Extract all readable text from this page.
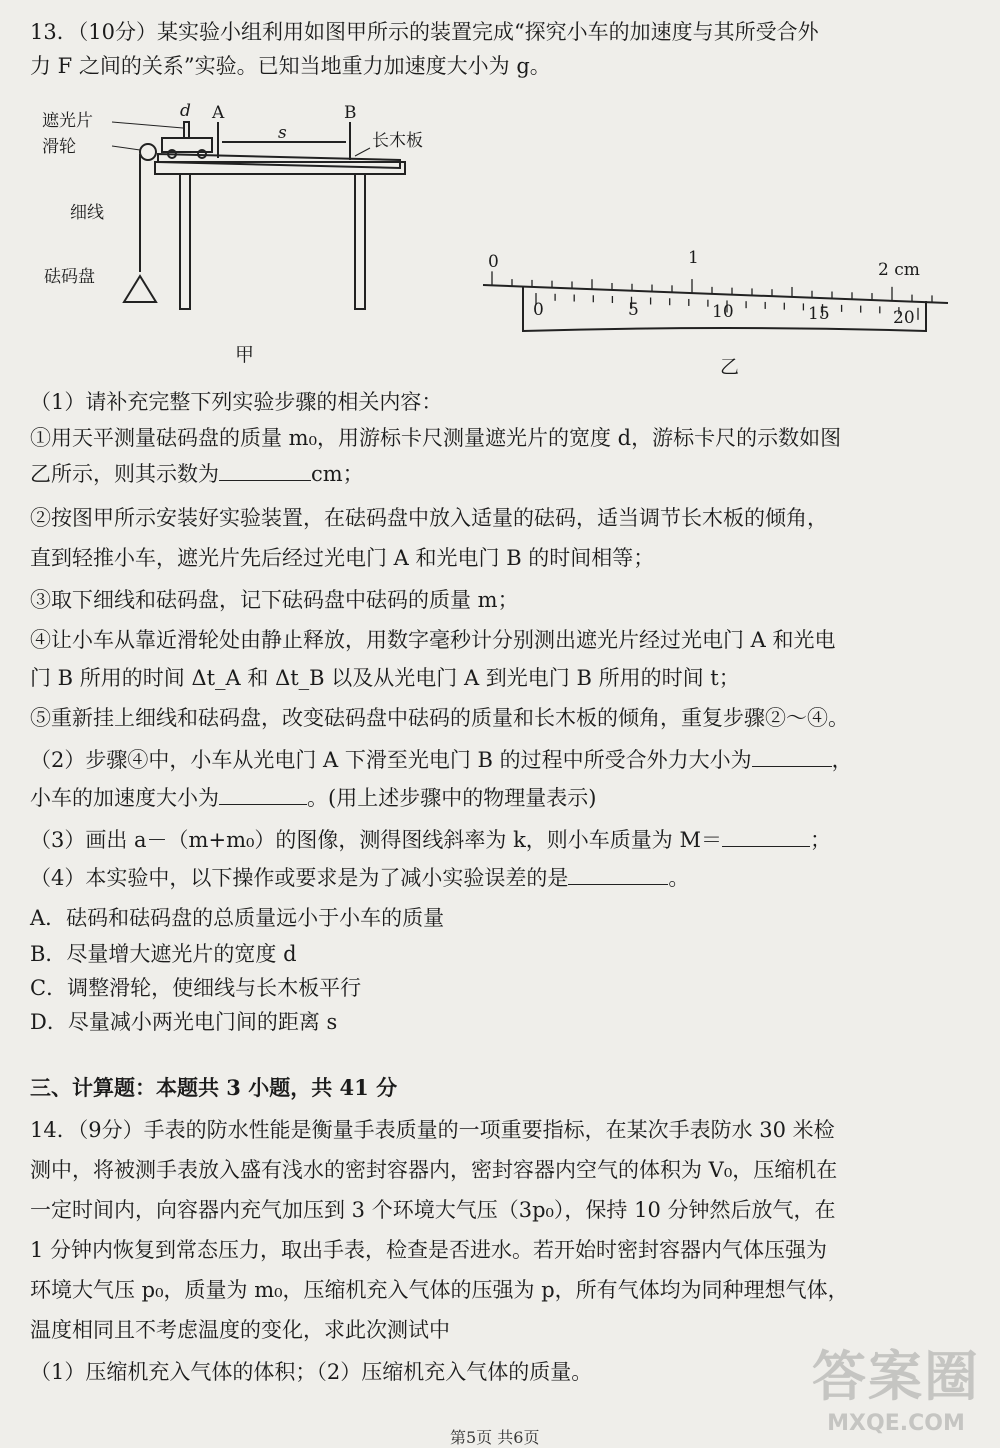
13．（10分）某实验小组利用如图甲所示的装置完成“探究小车的加速度与其所受合外
力 F 之间的关系”实验。已知当地重力加速度大小为 g。
遮光片	d
滑轮
A	B
s	长木板
细线
砝码盘
甲
0	1
2 cm
0	5	10	15	20
乙
（1）请补充完整下列实验步骤的相关内容：
①用天平测量砝码盘的质量 m₀，用游标卡尺测量遮光片的宽度 d，游标卡尺的示数如图
乙所示，则其示数为	cm；
②按图甲所示安装好实验装置，在砝码盘中放入适量的砝码，适当调节长木板的倾角，
直到轻推小车，遮光片先后经过光电门 A 和光电门 B 的时间相等；
③取下细线和砝码盘，记下砝码盘中砝码的质量 m；
④让小车从靠近滑轮处由静止释放，用数字毫秒计分别测出遮光片经过光电门 A 和光电
门 B 所用的时间 Δt_A 和 Δt_B 以及从光电门 A 到光电门 B 所用的时间 t；
⑤重新挂上细线和砝码盘，改变砝码盘中砝码的质量和长木板的倾角，重复步骤②～④。
（2）步骤④中，小车从光电门 A 下滑至光电门 B 的过程中所受合外力大小为	，
小车的加速度大小为	。(用上述步骤中的物理量表示)
（3）画出 a－（m+m₀）的图像，测得图线斜率为 k，则小车质量为 M＝	；
（4）本实验中，以下操作或要求是为了减小实验误差的是	。
A．砝码和砝码盘的总质量远小于小车的质量
B．尽量增大遮光片的宽度 d
C．调整滑轮，使细线与长木板平行
D．尽量减小两光电门间的距离 s
三、计算题：本题共 3 小题，共 41 分
14．（9分）手表的防水性能是衡量手表质量的一项重要指标，在某次手表防水 30 米检
测中，将被测手表放入盛有浅水的密封容器内，密封容器内空气的体积为 V₀，压缩机在
一定时间内，向容器内充气加压到 3 个环境大气压（3p₀），保持 10 分钟然后放气，在
1 分钟内恢复到常态压力，取出手表，检查是否进水。若开始时密封容器内气体压强为
环境大气压 p₀，质量为 m₀，压缩机充入气体的压强为 p，所有气体均为同种理想气体，
温度相同且不考虑温度的变化，求此次测试中
（1）压缩机充入气体的体积；（2）压缩机充入气体的质量。
第5页 共6页
答案圈
MXQE.COM
